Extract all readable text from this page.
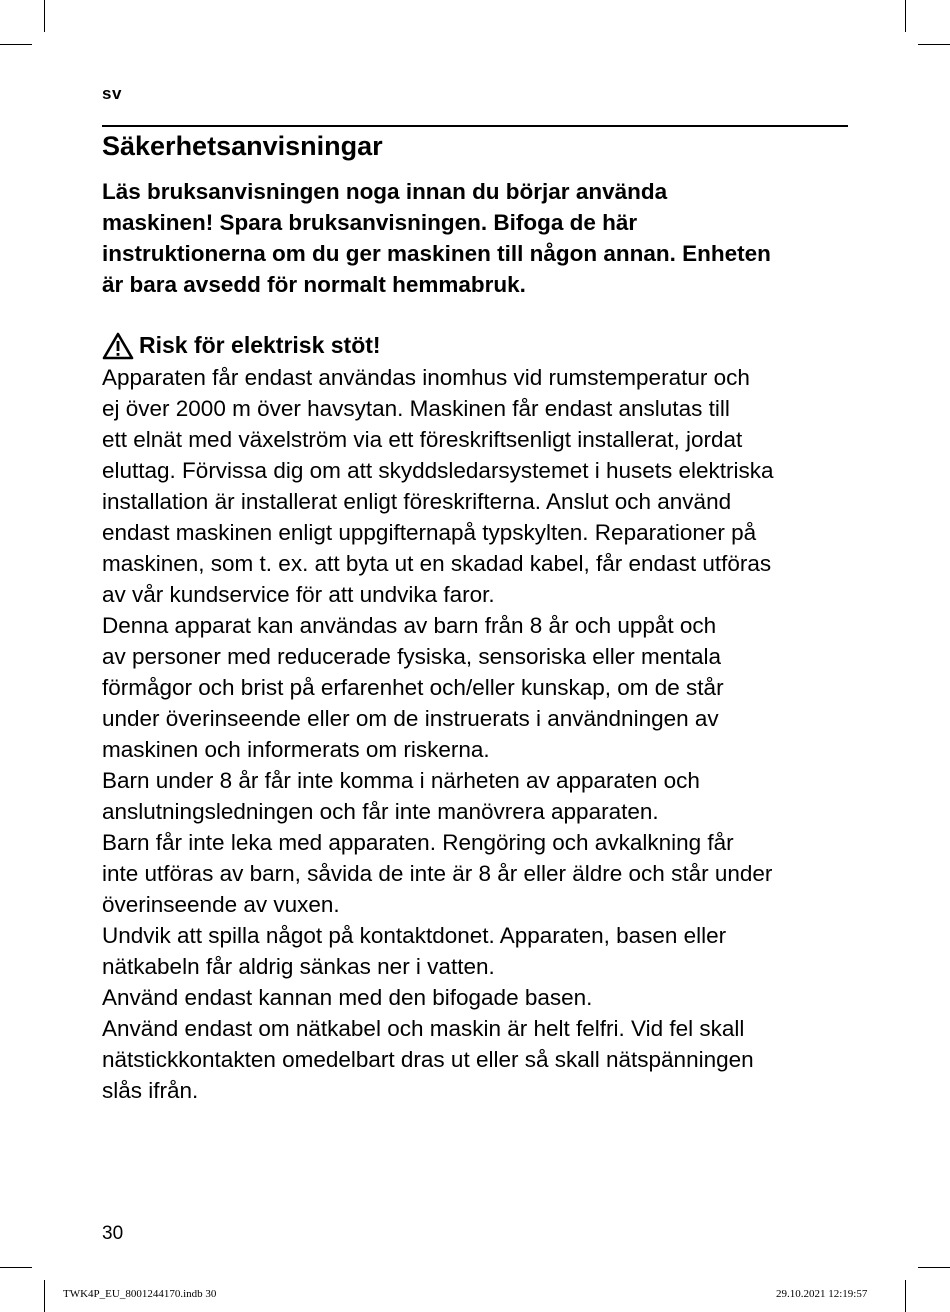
sv
Säkerhetsanvisningar
Läs bruksanvisningen noga innan du börjar använda
maskinen! Spara bruksanvisningen. Bifoga de här
instruktionerna om du ger maskinen till någon annan. Enheten
är bara avsedd för normalt hemmabruk.
Risk för elektrisk stöt!
Apparaten får endast användas inomhus vid rumstemperatur och
ej över 2000 m över havsytan. Maskinen får endast anslutas till
ett elnät med växelström via ett föreskriftsenligt installerat, jordat
eluttag. Förvissa dig om att skyddsledarsystemet i husets elektriska
installation är installerat enligt föreskrifterna. Anslut och använd
endast maskinen enligt uppgifternapå typskylten. Reparationer på
maskinen, som t. ex. att byta ut en skadad kabel, får endast utföras
av vår kundservice för att undvika faror.
Denna apparat kan användas av barn från 8 år och uppåt och
av personer med reducerade fysiska, sensoriska eller mentala
förmågor och brist på erfarenhet och/eller kunskap, om de står
under överinseende eller om de instruerats i användningen av
maskinen och informerats om riskerna.
Barn under 8 år får inte komma i närheten av apparaten och
anslutningsledningen och får inte manövrera apparaten.
Barn får inte leka med apparaten. Rengöring och avkalkning får
inte utföras av barn, såvida de inte är 8 år eller äldre och står under
överinseende av vuxen.
Undvik att spilla något på kontaktdonet. Apparaten, basen eller
nätkabeln får aldrig sänkas ner i vatten.
Använd endast kannan med den bifogade basen.
Använd endast om nätkabel och maskin är helt felfri. Vid fel skall
nätstickkontakten omedelbart dras ut eller så skall nätspänningen
slås ifrån.
30
TWK4P_EU_8001244170.indb 30	29.10.2021 12:19:57
